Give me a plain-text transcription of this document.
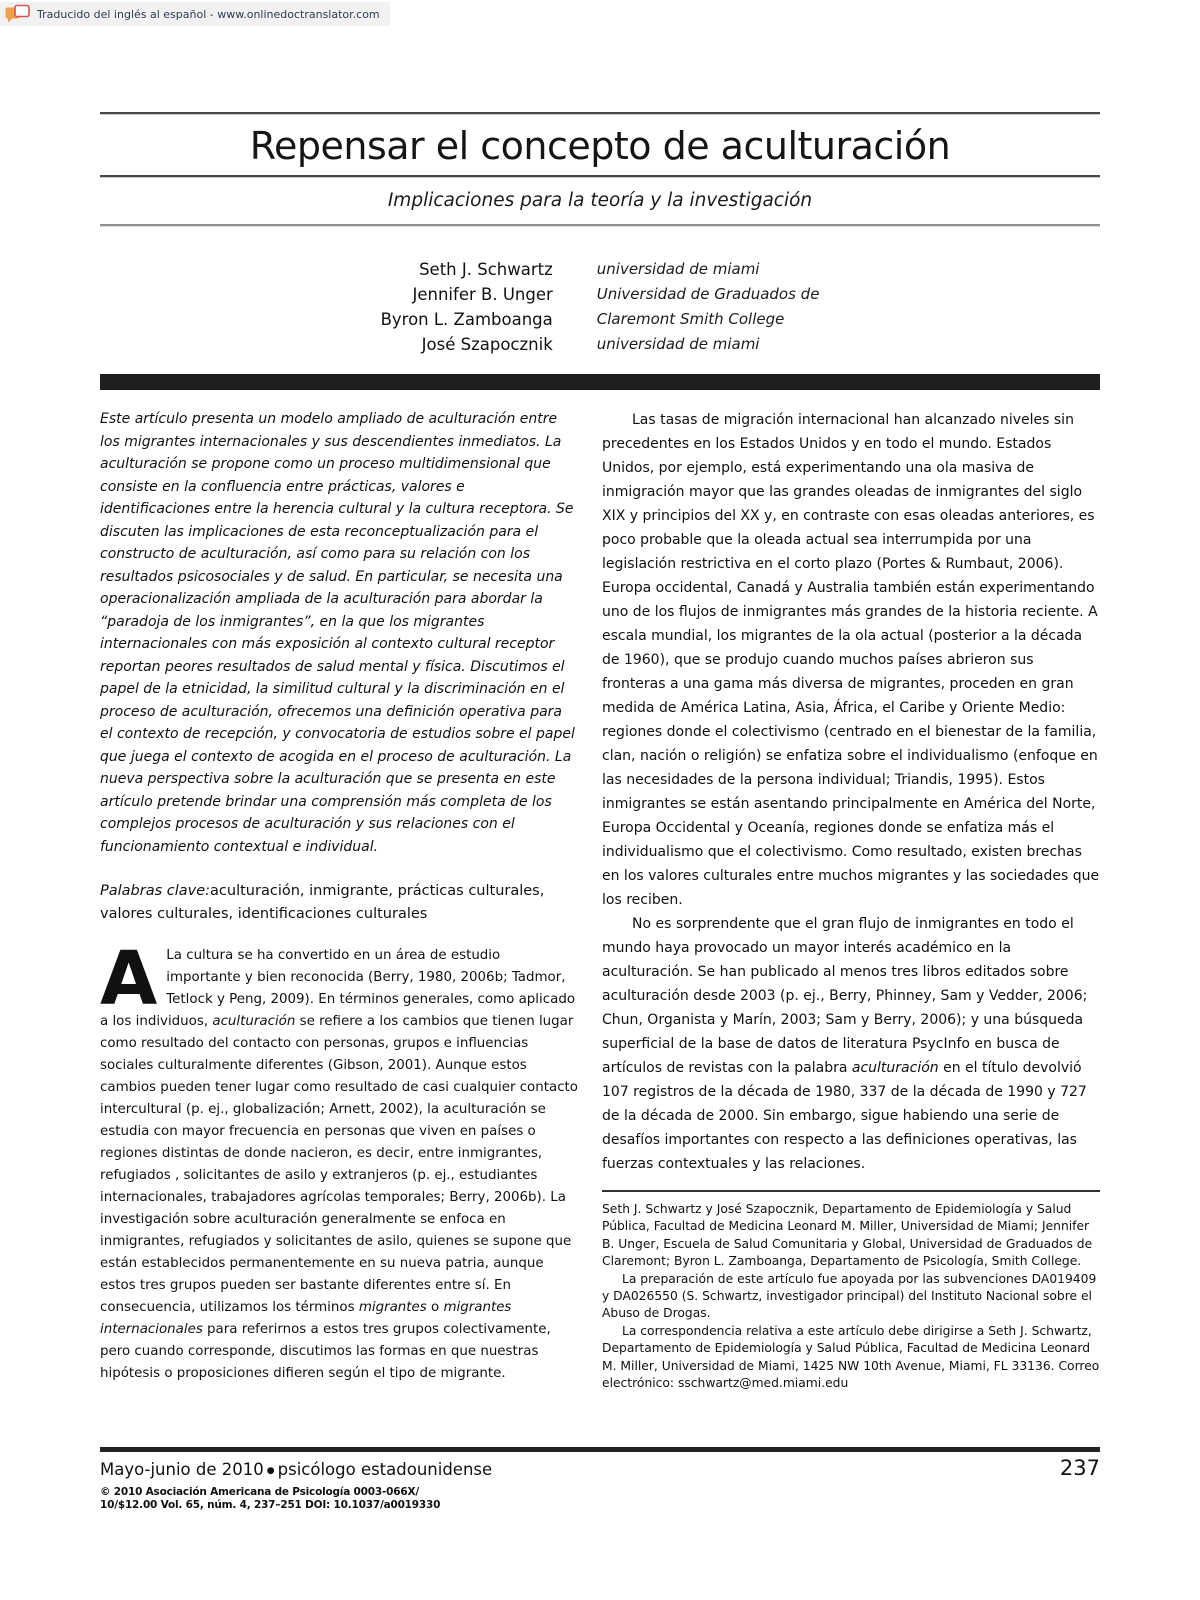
Traducido del inglés al español - www.onlinedoctranslator.com
Repensar el concepto de aculturación
Implicaciones para la teoría y la investigación
Seth J. Schwartz
Jennifer B. Unger
Byron L. Zamboanga
José Szapocznik
universidad de miami
Universidad de Graduados de
Claremont Smith College
universidad de miami

Este artículo presenta un modelo ampliado de aculturación entre los migrantes internacionales y sus descendientes inmediatos. La aculturación se propone como un proceso multidimensional que consiste en la confluencia entre prácticas, valores e identificaciones entre la herencia cultural y la cultura receptora. Se discuten las implicaciones de esta reconceptualización para el constructo de aculturación, así como para su relación con los resultados psicosociales y de salud. En particular, se necesita una operacionalización ampliada de la aculturación para abordar la “paradoja de los inmigrantes”, en la que los migrantes internacionales con más exposición al contexto cultural receptor reportan peores resultados de salud mental y física. Discutimos el papel de la etnicidad, la similitud cultural y la discriminación en el proceso de aculturación, ofrecemos una definición operativa para el contexto de recepción, y convocatoria de estudios sobre el papel que juega el contexto de acogida en el proceso de aculturación. La nueva perspectiva sobre la aculturación que se presenta en este artículo pretende brindar una comprensión más completa de los complejos procesos de aculturación y sus relaciones con el funcionamiento contextual e individual.

Palabras clave:aculturación, inmigrante, prácticas culturales, valores culturales, identificaciones culturales

A La cultura se ha convertido en un área de estudio importante y bien reconocida (Berry, 1980, 2006b; Tadmor, Tetlock y Peng, 2009). En términos generales, como aplicado a los individuos, aculturación se refiere a los cambios que tienen lugar como resultado del contacto con personas, grupos e influencias sociales culturalmente diferentes (Gibson, 2001). Aunque estos cambios pueden tener lugar como resultado de casi cualquier contacto intercultural (p. ej., globalización; Arnett, 2002), la aculturación se estudia con mayor frecuencia en personas que viven en países o regiones distintas de donde nacieron, es decir, entre inmigrantes, refugiados , solicitantes de asilo y extranjeros (p. ej., estudiantes internacionales, trabajadores agrícolas temporales; Berry, 2006b). La investigación sobre aculturación generalmente se enfoca en inmigrantes, refugiados y solicitantes de asilo, quienes se supone que están establecidos permanentemente en su nueva patria, aunque estos tres grupos pueden ser bastante diferentes entre sí. En consecuencia, utilizamos los términos migrantes o migrantes internacionales para referirnos a estos tres grupos colectivamente, pero cuando corresponde, discutimos las formas en que nuestras hipótesis o proposiciones difieren según el tipo de migrante.

Las tasas de migración internacional han alcanzado niveles sin precedentes en los Estados Unidos y en todo el mundo. Estados Unidos, por ejemplo, está experimentando una ola masiva de inmigración mayor que las grandes oleadas de inmigrantes del siglo XIX y principios del XX y, en contraste con esas oleadas anteriores, es poco probable que la oleada actual sea interrumpida por una legislación restrictiva en el corto plazo (Portes & Rumbaut, 2006). Europa occidental, Canadá y Australia también están experimentando uno de los flujos de inmigrantes más grandes de la historia reciente. A escala mundial, los migrantes de la ola actual (posterior a la década de 1960), que se produjo cuando muchos países abrieron sus fronteras a una gama más diversa de migrantes, proceden en gran medida de América Latina, Asia, África, el Caribe y Oriente Medio: regiones donde el colectivismo (centrado en el bienestar de la familia, clan, nación o religión) se enfatiza sobre el individualismo (enfoque en las necesidades de la persona individual; Triandis, 1995). Estos inmigrantes se están asentando principalmente en América del Norte, Europa Occidental y Oceanía, regiones donde se enfatiza más el individualismo que el colectivismo. Como resultado, existen brechas en los valores culturales entre muchos migrantes y las sociedades que los reciben.

No es sorprendente que el gran flujo de inmigrantes en todo el mundo haya provocado un mayor interés académico en la aculturación. Se han publicado al menos tres libros editados sobre aculturación desde 2003 (p. ej., Berry, Phinney, Sam y Vedder, 2006; Chun, Organista y Marín, 2003; Sam y Berry, 2006); y una búsqueda superficial de la base de datos de literatura PsycInfo en busca de artículos de revistas con la palabra aculturación en el título devolvió 107 registros de la década de 1980, 337 de la década de 1990 y 727 de la década de 2000. Sin embargo, sigue habiendo una serie de desafíos importantes con respecto a las definiciones operativas, las fuerzas contextuales y las relaciones.

Seth J. Schwartz y José Szapocznik, Departamento de Epidemiología y Salud Pública, Facultad de Medicina Leonard M. Miller, Universidad de Miami; Jennifer B. Unger, Escuela de Salud Comunitaria y Global, Universidad de Graduados de Claremont; Byron L. Zamboanga, Departamento de Psicología, Smith College.

La preparación de este artículo fue apoyada por las subvenciones DA019409 y DA026550 (S. Schwartz, investigador principal) del Instituto Nacional sobre el Abuso de Drogas.

La correspondencia relativa a este artículo debe dirigirse a Seth J. Schwartz, Departamento de Epidemiología y Salud Pública, Facultad de Medicina Leonard M. Miller, Universidad de Miami, 1425 NW 10th Avenue, Miami, FL 33136. Correo electrónico: sschwartz@med.miami.edu

Mayo-junio de 2010 ● psicólogo estadounidense	237
© 2010 Asociación Americana de Psicología 0003-066X/
10/$12.00 Vol. 65, núm. 4, 237–251 DOI: 10.1037/a0019330
